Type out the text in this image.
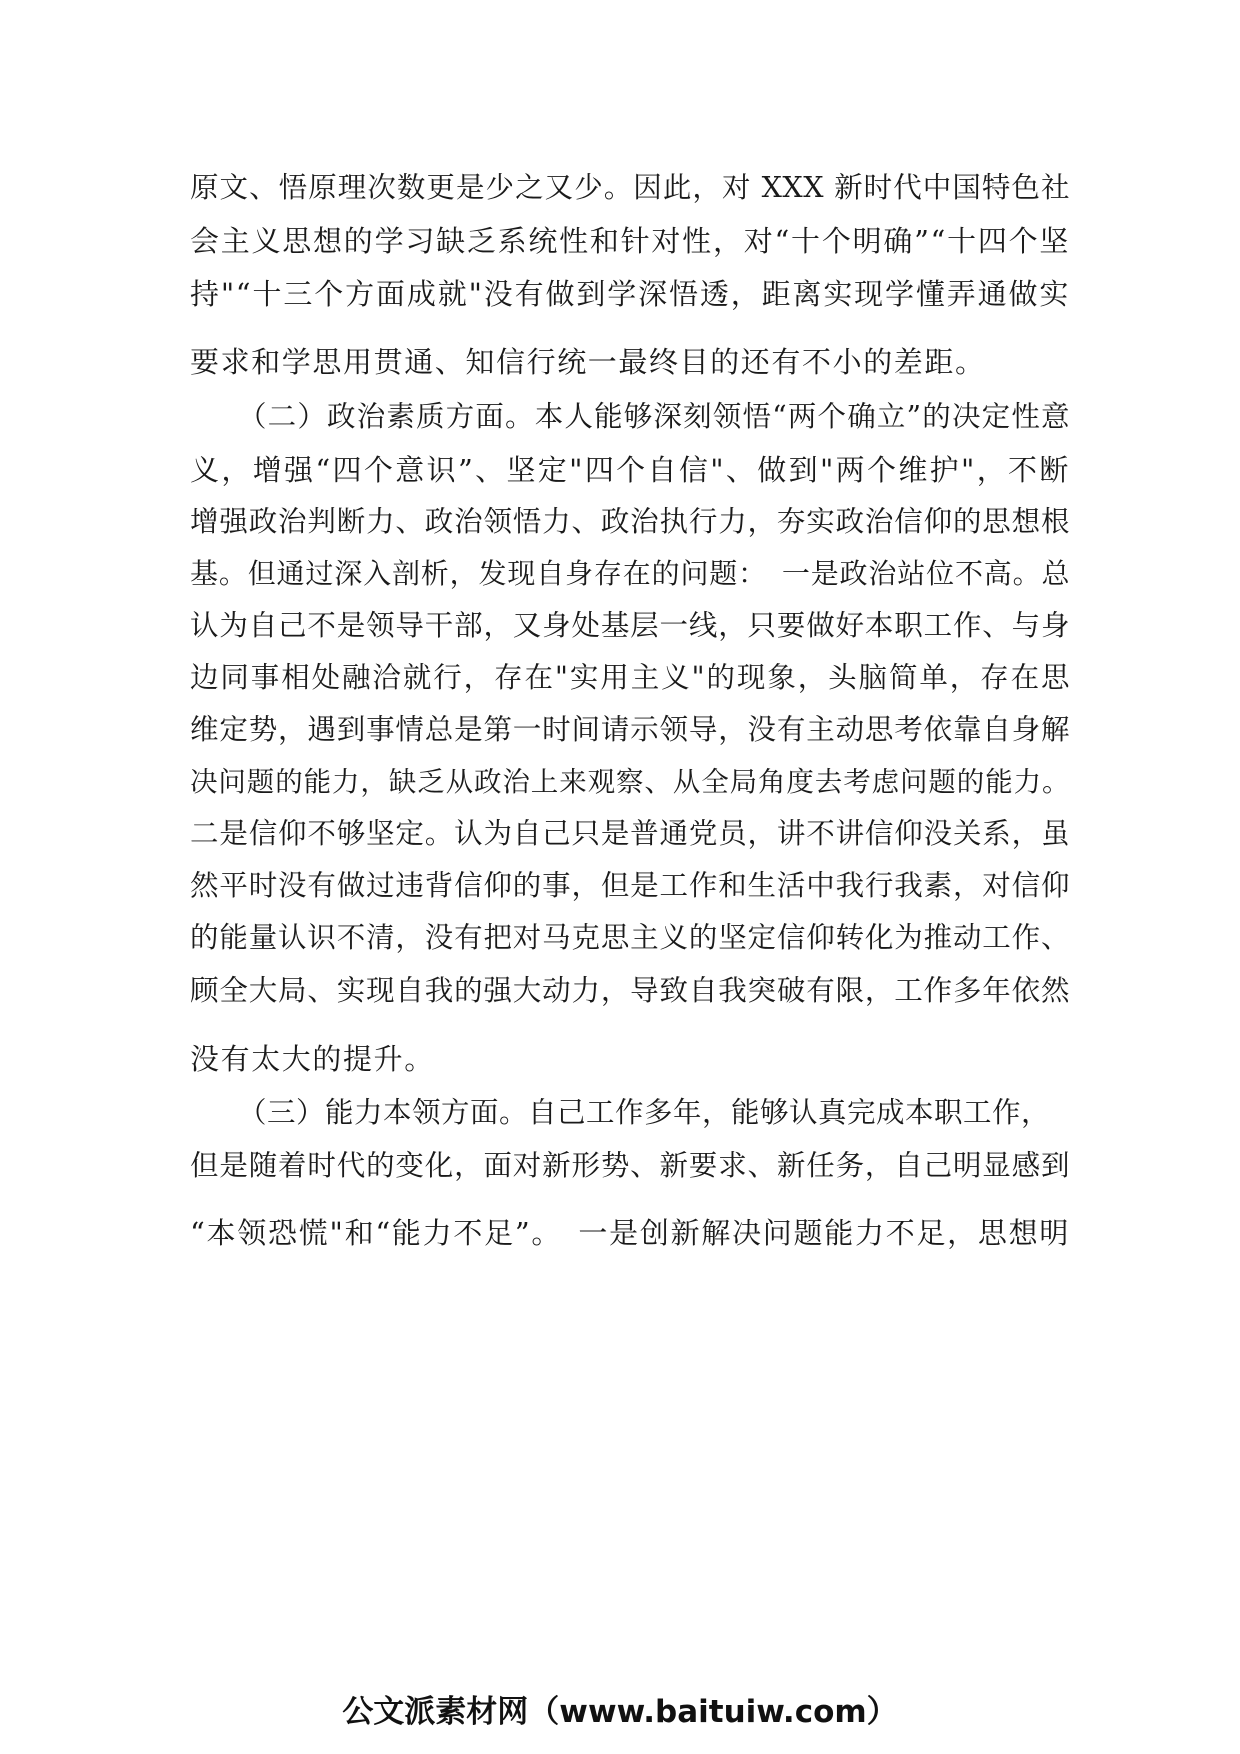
原文、悟原理次数更是少之又少。因此，对 XXX 新时代中国特色社
会主义思想的学习缺乏系统性和针对性，对“十个明确”“十四个坚
持"“十三个方面成就"没有做到学深悟透，距离实现学懂弄通做实
要求和学思用贯通、知信行统一最终目的还有不小的差距。
（二）政治素质方面。本人能够深刻领悟“两个确立”的决定性意
义，增强“四个意识”、坚定"四个自信"、做到"两个维护"，不断
增强政治判断力、政治领悟力、政治执行力，夯实政治信仰的思想根
基。但通过深入剖析，发现自身存在的问题：　一是政治站位不高。总
认为自己不是领导干部，又身处基层一线，只要做好本职工作、与身
边同事相处融洽就行，存在"实用主义"的现象，头脑简单，存在思
维定势，遇到事情总是第一时间请示领导，没有主动思考依靠自身解
决问题的能力，缺乏从政治上来观察、从全局角度去考虑问题的能力。
二是信仰不够坚定。认为自己只是普通党员，讲不讲信仰没关系，虽
然平时没有做过违背信仰的事，但是工作和生活中我行我素，对信仰
的能量认识不清，没有把对马克思主义的坚定信仰转化为推动工作、
顾全大局、实现自我的强大动力，导致自我突破有限，工作多年依然
没有太大的提升。
（三）能力本领方面。自己工作多年，能够认真完成本职工作，
但是随着时代的变化，面对新形势、新要求、新任务，自己明显感到
“本领恐慌"和“能力不足”。　一是创新解决问题能力不足，思想明
公文派素材网（www.baituiw.com）
